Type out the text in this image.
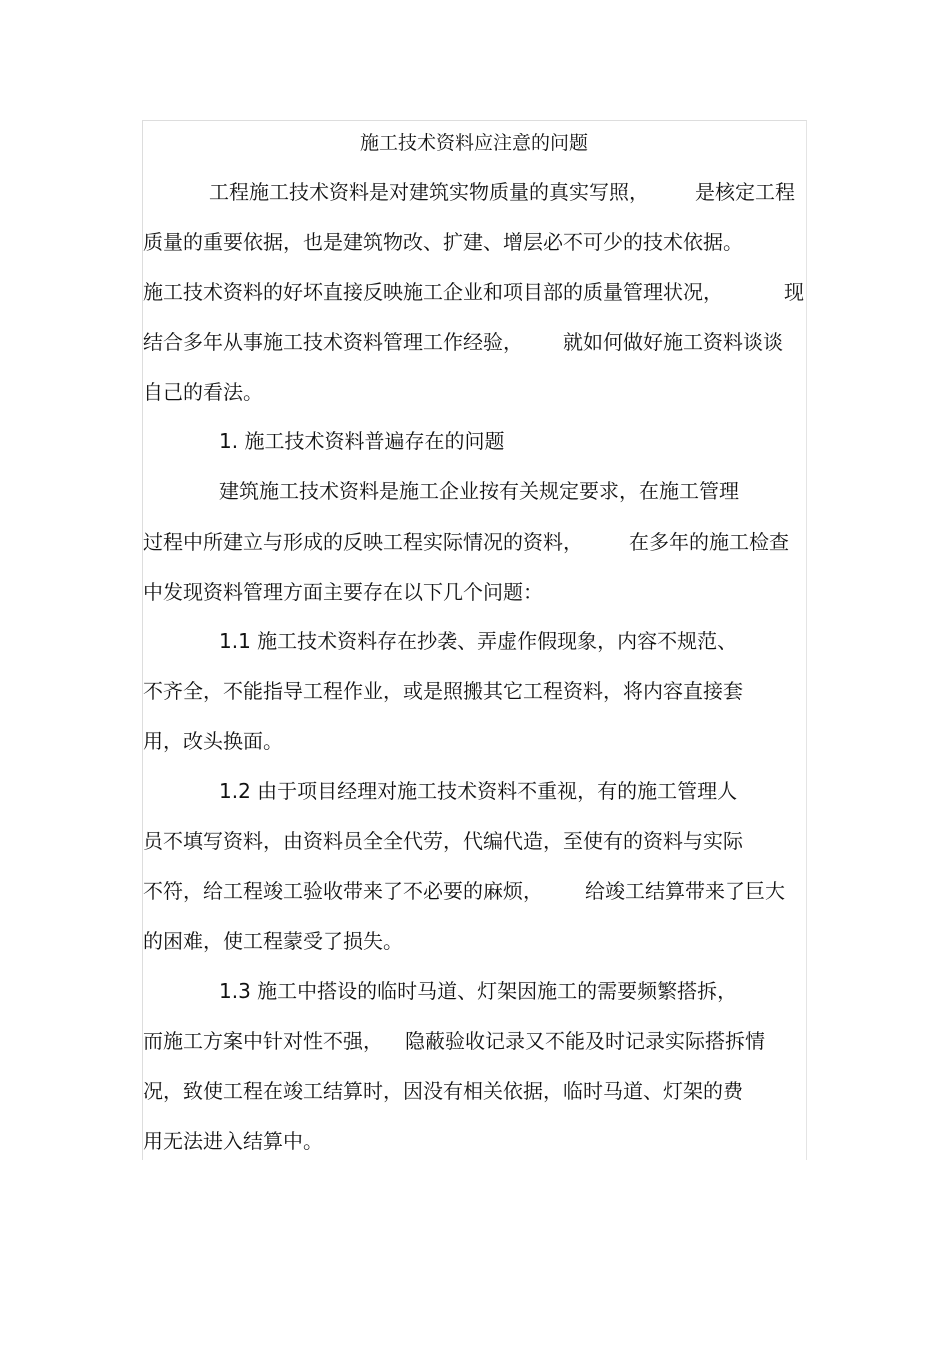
施工技术资料应注意的问题
工程施工技术资料是对建筑实物质量的真实写照， 是核定工程
质量的重要依据，也是建筑物改、扩建、增层必不可少的技术依据。
施工技术资料的好坏直接反映施工企业和项目部的质量管理状况，	现
结合多年从事施工技术资料管理工作经验， 就如何做好施工资料谈谈
自己的看法。
1. 施工技术资料普遍存在的问题
建筑施工技术资料是施工企业按有关规定要求，在施工管理
过程中所建立与形成的反映工程实际情况的资料， 在多年的施工检查
中发现资料管理方面主要存在以下几个问题：
1.1 施工技术资料存在抄袭、弄虚作假现象，内容不规范、
不齐全，不能指导工程作业，或是照搬其它工程资料，将内容直接套
用，改头换面。
1.2 由于项目经理对施工技术资料不重视，有的施工管理人
员不填写资料，由资料员全全代劳，代编代造，至使有的资料与实际
不符，给工程竣工验收带来了不必要的麻烦， 给竣工结算带来了巨大
的困难，使工程蒙受了损失。
1.3 施工中搭设的临时马道、灯架因施工的需要频繁搭拆，
而施工方案中针对性不强， 隐蔽验收记录又不能及时记录实际搭拆情
况，致使工程在竣工结算时，因没有相关依据，临时马道、灯架的费
用无法进入结算中。
